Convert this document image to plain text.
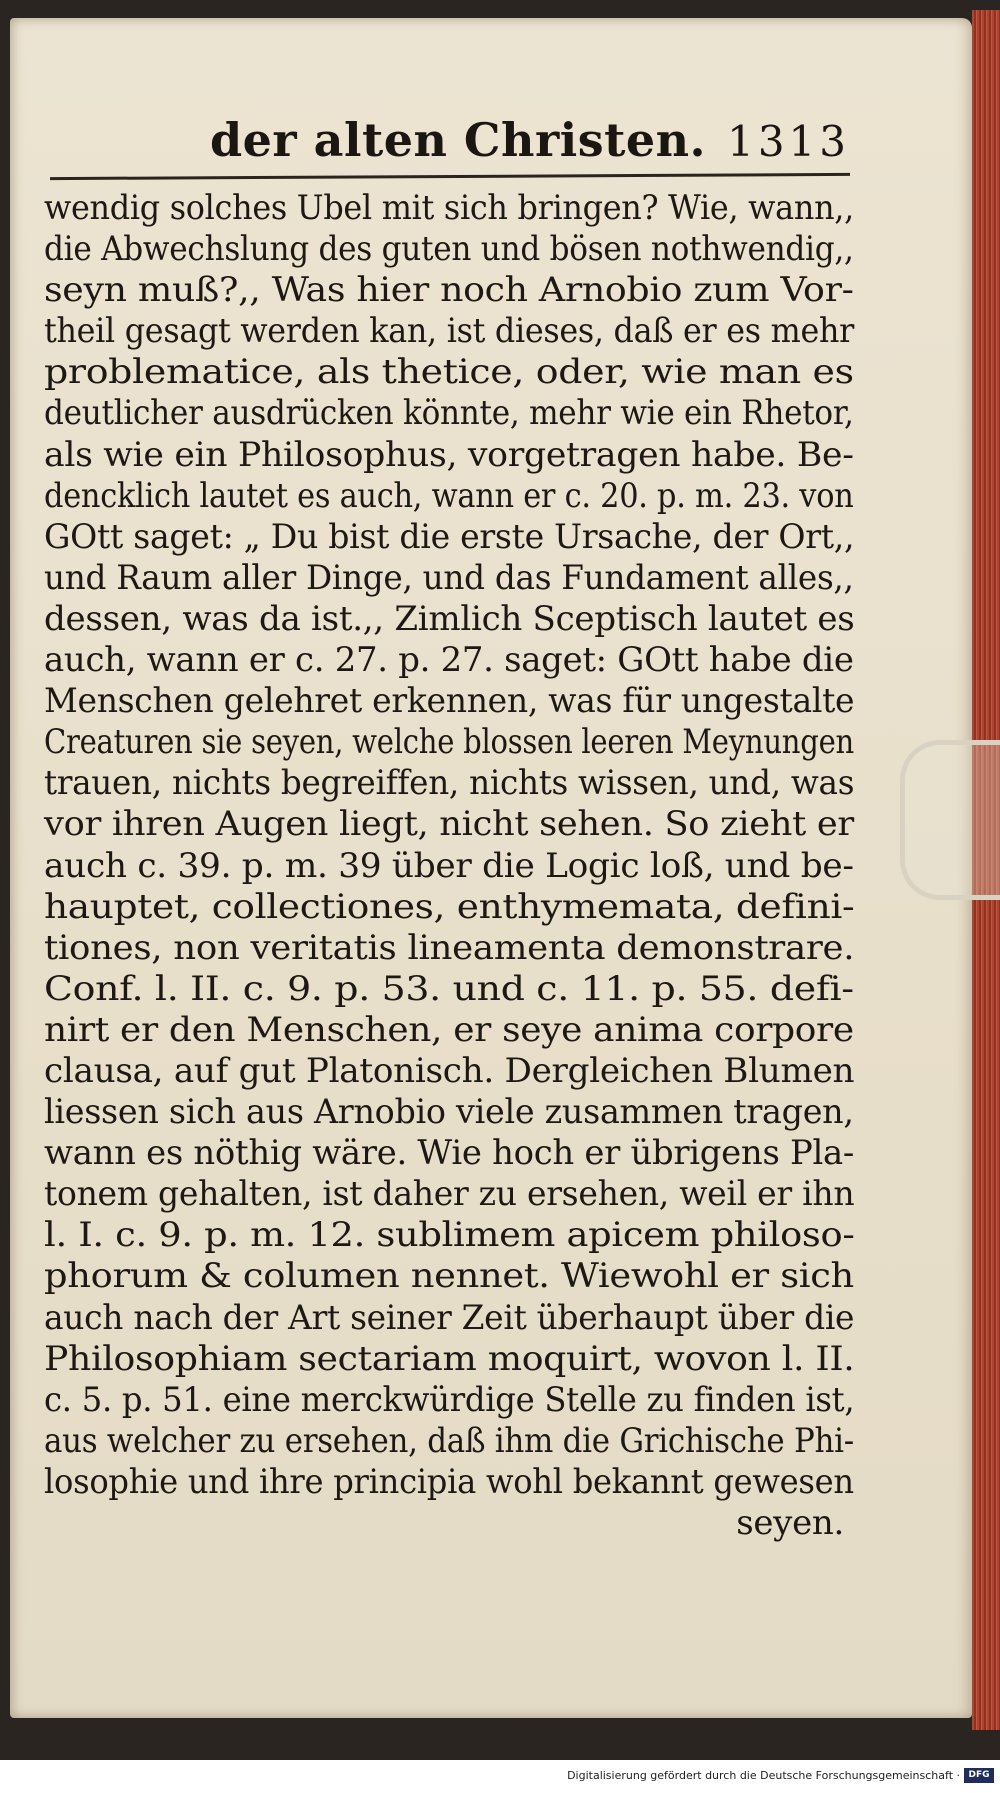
der alten Christen. 1313
wendig solches Ubel mit sich bringen? Wie, wann,,
die Abwechslung des guten und bösen nothwendig,,
seyn muß?,, Was hier noch Arnobio zum Vor-
theil gesagt werden kan, ist dieses, daß er es mehr
problematice, als thetice, oder, wie man es
deutlicher ausdrücken könnte, mehr wie ein Rhetor,
als wie ein Philosophus, vorgetragen habe. Be-
dencklich lautet es auch, wann er c. 20. p. m. 23. von
GOtt saget: „ Du bist die erste Ursache, der Ort,,
und Raum aller Dinge, und das Fundament alles,,
dessen, was da ist.,, Zimlich Sceptisch lautet es
auch, wann er c. 27. p. 27. saget: GOtt habe die
Menschen gelehret erkennen, was für ungestalte
Creaturen sie seyen, welche blossen leeren Meynungen
trauen, nichts begreiffen, nichts wissen, und, was
vor ihren Augen liegt, nicht sehen. So zieht er
auch c. 39. p. m. 39 über die Logic loß, und be-
hauptet, collectiones, enthymemata, defini-
tiones, non veritatis lineamenta demonstrare.
Conf. l. II. c. 9. p. 53. und c. 11. p. 55. defi-
nirt er den Menschen, er seye anima corpore
clausa, auf gut Platonisch. Dergleichen Blumen
liessen sich aus Arnobio viele zusammen tragen,
wann es nöthig wäre. Wie hoch er übrigens Pla-
tonem gehalten, ist daher zu ersehen, weil er ihn
l. I. c. 9. p. m. 12. sublimem apicem philoso-
phorum & columen nennet. Wiewohl er sich
auch nach der Art seiner Zeit überhaupt über die
Philosophiam sectariam moquirt, wovon l. II.
c. 5. p. 51. eine merckwürdige Stelle zu finden ist,
aus welcher zu ersehen, daß ihm die Grichische Phi-
losophie und ihre principia wohl bekannt gewesen
seyen.
Digitalisierung gefördert durch die Deutsche Forschungsgemeinschaft · DFG
